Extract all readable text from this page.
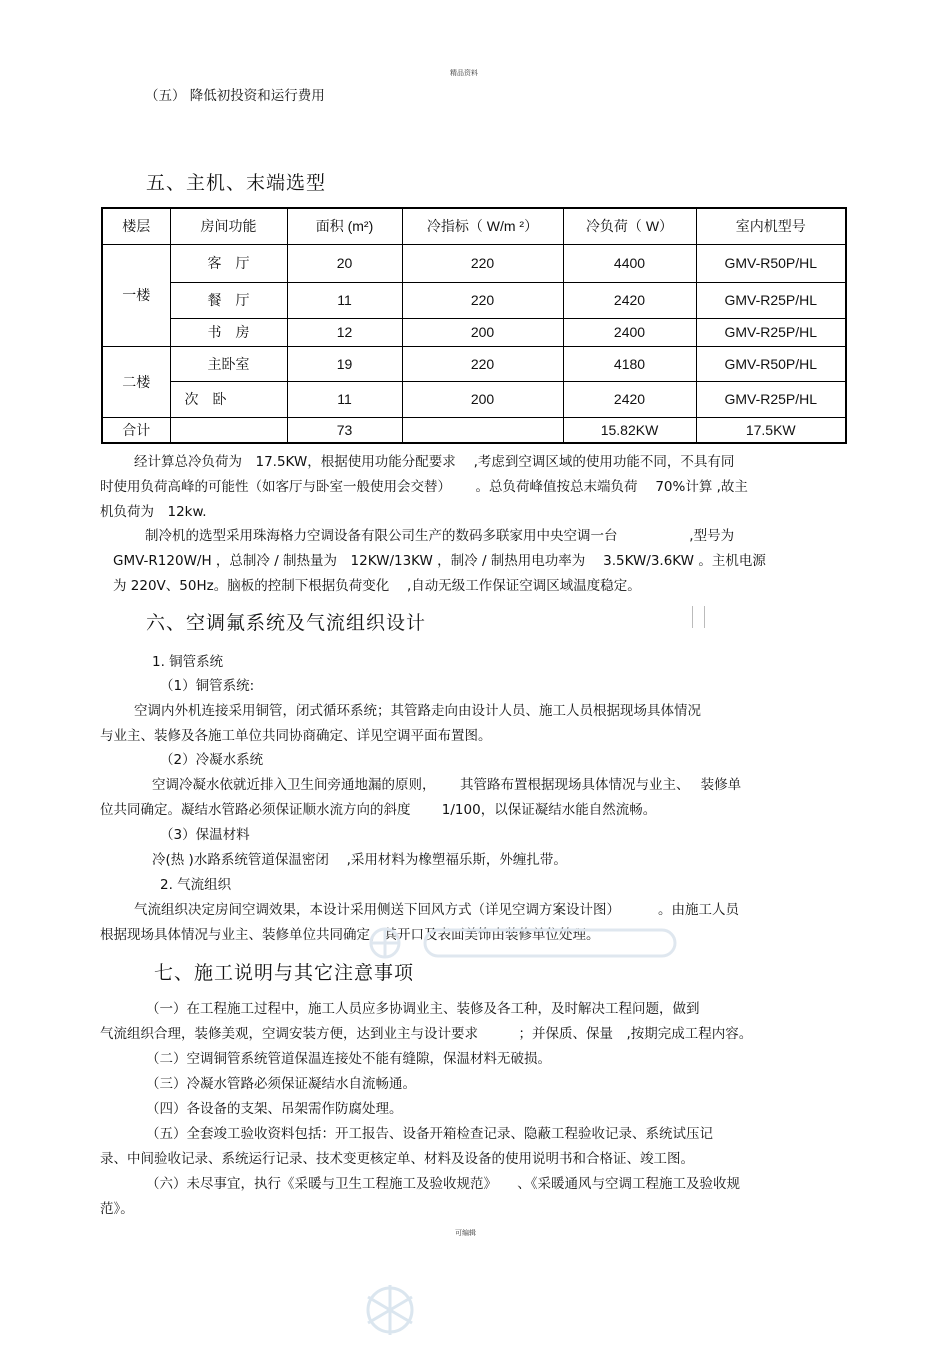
精品资料
可编辑
（五） 降低初投资和运行费用
五、主机、末端选型
楼层	房间功能	面积 (m²)	冷指标（ W/m ²）	冷负荷（ W）	室内机型号
一楼	客　厅	20	220	4400	GMV-R50P/HL
	餐　厅	11	220	2420	GMV-R25P/HL
	书　房	12	200	2400	GMV-R25P/HL
二楼	主卧室	19	220	4180	GMV-R50P/HL
	次　卧	11	200	2420	GMV-R25P/HL
合计		73		15.82KW	17.5KW
经计算总冷负荷为　17.5KW，根据使用功能分配要求　 ,考虑到空调区域的使用功能不同，不具有同
时使用负荷高峰的可能性（如客厅与卧室一般使用会交替）　　 。总负荷峰值按总末端负荷　 70%计算 ,故主
机负荷为　12kw.
制冷机的选型采用珠海格力空调设备有限公司生产的数码多联家用中央空调一台　　　　　 ,型号为
GMV-R120W/H ，总制冷 / 制热量为　12KW/13KW ，制冷 / 制热用电功率为　 3.5KW/3.6KW 。主机电源
为 220V、50Hz。脑板的控制下根据负荷变化　 ,自动无级工作保证空调区域温度稳定。
六、空调氟系统及气流组织设计
1. 铜管系统
（1）铜管系统:
空调内外机连接采用铜管，闭式循环系统；其管路走向由设计人员、施工人员根据现场具体情况
与业主、装修及各施工单位共同协商确定、详见空调平面布置图。
（2）冷凝水系统
空调冷凝水依就近排入卫生间旁通地漏的原则，　　 其管路布置根据现场具体情况与业主、　 装修单
位共同确定。凝结水管路必须保证顺水流方向的斜度　　 1/100，以保证凝结水能自然流畅。
（3）保温材料
冷(热 )水路系统管道保温密闭　 ,采用材料为橡塑福乐斯，外缠扎带。
2. 气流组织
气流组织决定房间空调效果，本设计采用侧送下回风方式（详见空调方案设计图）　　　 。由施工人员
根据现场具体情况与业主、装修单位共同确定，其开口及表面美饰由装修单位处理。
七、施工说明与其它注意事项
（一）在工程施工过程中，施工人员应多协调业主、装修及各工种，及时解决工程问题，做到
气流组织合理，装修美观，空调安装方便，达到业主与设计要求　　　；并保质、保量　,按期完成工程内容。
（二）空调铜管系统管道保温连接处不能有缝隙，保温材料无破损。
（三）冷凝水管路必须保证凝结水自流畅通。
（四）各设备的支架、吊架需作防腐处理。
（五）全套竣工验收资料包括：开工报告、设备开箱检查记录、隐蔽工程验收记录、系统试压记
录、中间验收记录、系统运行记录、技术变更核定单、材料及设备的使用说明书和合格证、竣工图。
（六）未尽事宜，执行《采暖与卫生工程施工及验收规范》　　、《采暖通风与空调工程施工及验收规
范》。
